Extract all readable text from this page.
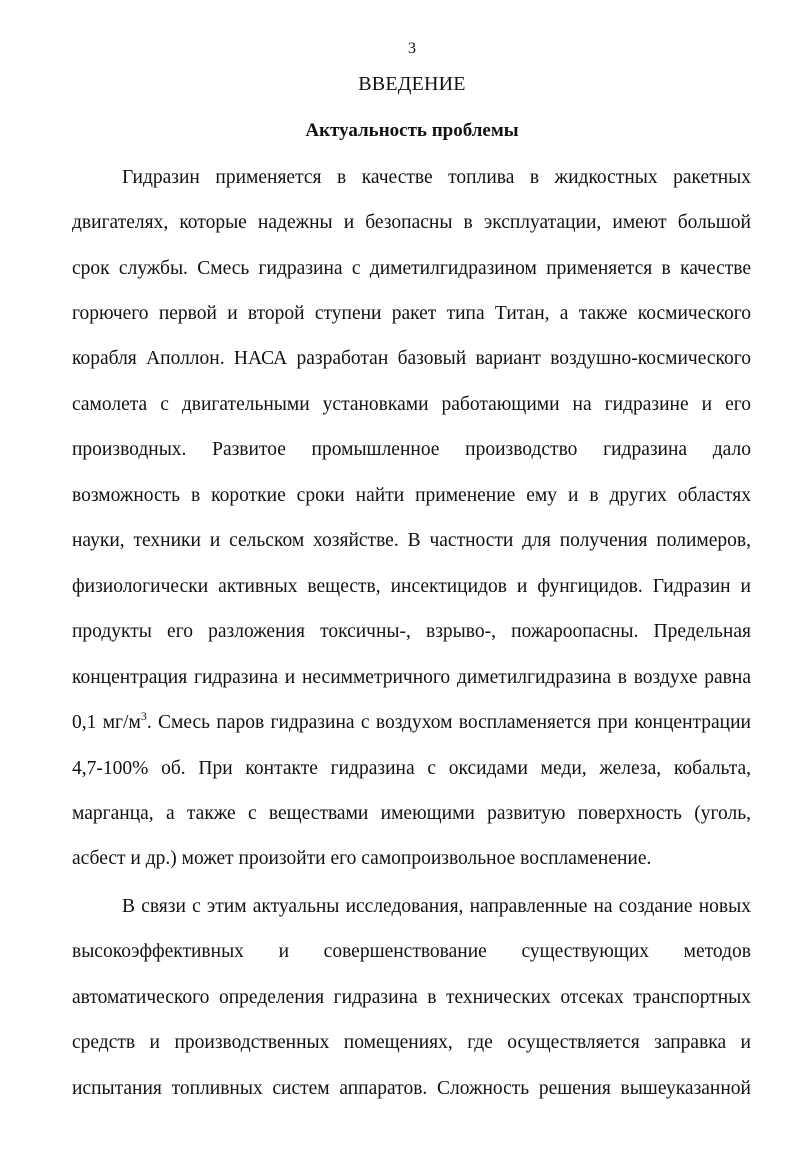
3
ВВЕДЕНИЕ
Актуальность проблемы
Гидразин применяется в качестве топлива в жидкостных ракетных
двигателях, которые надежны и безопасны в эксплуатации, имеют большой
срок службы. Смесь гидразина с диметилгидразином применяется в качестве
горючего первой и второй ступени ракет типа Титан, а также космического
корабля Аполлон. НАСА разработан базовый вариант воздушно-космического
самолета с двигательными установками работающими на гидразине и его
производных. Развитое промышленное производство гидразина дало
возможность в короткие сроки найти применение ему и в других областях
науки, техники и сельском хозяйстве. В частности для получения полимеров,
физиологически активных веществ, инсектицидов и фунгицидов. Гидразин и
продукты его разложения токсичны-, взрыво-, пожароопасны. Предельная
концентрация гидразина и несимметричного диметилгидразина в воздухе равна
0,1 $мг/м^3$. Смесь паров гидразина с воздухом воспламеняется при концентрации
4,7-100% об. При контакте гидразина с оксидами меди, железа, кобальта,
марганца, а также с веществами имеющими развитую поверхность (уголь,
асбест и др.) может произойти его самопроизвольное воспламенение.
В связи с этим актуальны исследования, направленные на создание новых
высокоэффективных и совершенствование существующих методов
автоматического определения гидразина в технических отсеках транспортных
средств и производственных помещениях, где осуществляется заправка и
испытания топливных систем аппаратов. Сложность решения вышеуказанной
